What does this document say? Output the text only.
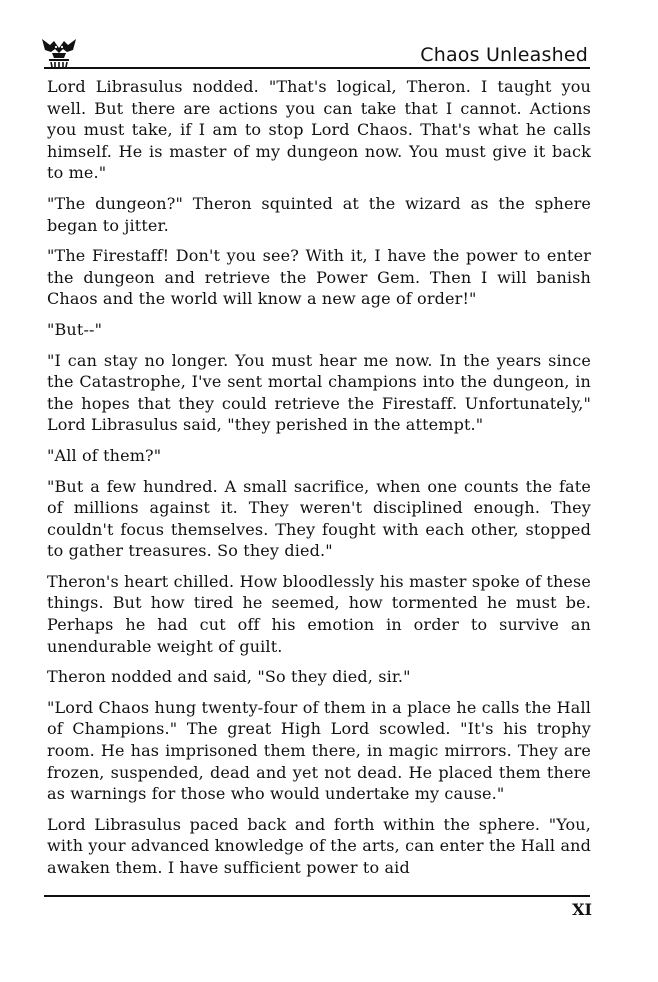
Chaos Unleashed

Lord Librasulus nodded. "That's logical, Theron. I taught you well. But there are actions you can take that I cannot. Actions you must take, if I am to stop Lord Chaos. That's what he calls himself. He is master of my dungeon now. You must give it back to me."

"The dungeon?" Theron squinted at the wizard as the sphere began to jitter.

"The Firestaff! Don't you see? With it, I have the power to enter the dungeon and retrieve the Power Gem. Then I will banish Chaos and the world will know a new age of order!"

"But--"

"I can stay no longer. You must hear me now. In the years since the Catastrophe, I've sent mortal champions into the dungeon, in the hopes that they could retrieve the Firestaff. Unfortunately," Lord Librasulus said, "they perished in the attempt."

"All of them?"

"But a few hundred. A small sacrifice, when one counts the fate of millions against it. They weren't disciplined enough. They couldn't focus themselves. They fought with each other, stopped to gather treasures. So they died."

Theron's heart chilled. How bloodlessly his master spoke of these things. But how tired he seemed, how tormented he must be. Perhaps he had cut off his emotion in order to survive an unendurable weight of guilt.

Theron nodded and said, "So they died, sir."

"Lord Chaos hung twenty-four of them in a place he calls the Hall of Champions." The great High Lord scowled. "It's his trophy room. He has imprisoned them there, in magic mirrors. They are frozen, suspended, dead and yet not dead. He placed them there as warnings for those who would undertake my cause."

Lord Librasulus paced back and forth within the sphere. "You, with your advanced knowledge of the arts, can enter the Hall and awaken them. I have sufficient power to aid

XI
